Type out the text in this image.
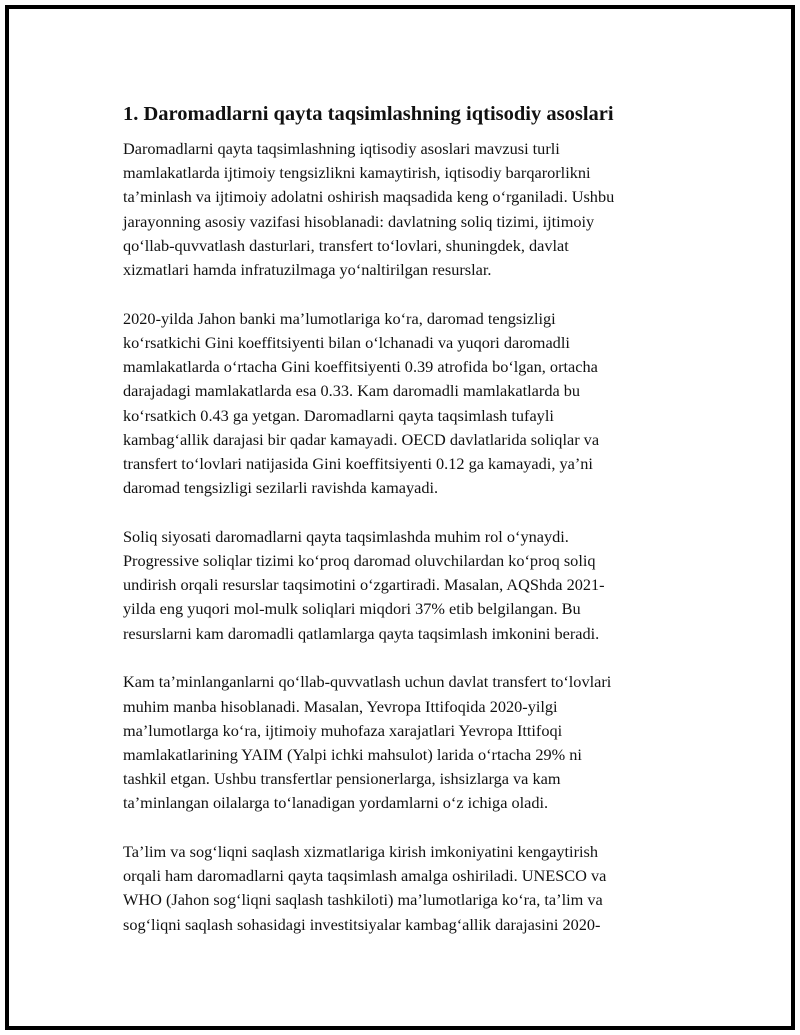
1. Daromadlarni qayta taqsimlashning iqtisodiy asoslari
Daromadlarni qayta taqsimlashning iqtisodiy asoslari mavzusi turli
mamlakatlarda ijtimoiy tengsizlikni kamaytirish, iqtisodiy barqarorlikni
ta’minlash va ijtimoiy adolatni oshirish maqsadida keng o‘rganiladi. Ushbu
jarayonning asosiy vazifasi hisoblanadi: davlatning soliq tizimi, ijtimoiy
qo‘llab-quvvatlash dasturlari, transfert to‘lovlari, shuningdek, davlat
xizmatlari hamda infratuzilmaga yo‘naltirilgan resurslar.
2020-yilda Jahon banki ma’lumotlariga ko‘ra, daromad tengsizligi
ko‘rsatkichi Gini koeffitsiyenti bilan o‘lchanadi va yuqori daromadli
mamlakatlarda o‘rtacha Gini koeffitsiyenti 0.39 atrofida bo‘lgan, ortacha
darajadagi mamlakatlarda esa 0.33. Kam daromadli mamlakatlarda bu
ko‘rsatkich 0.43 ga yetgan. Daromadlarni qayta taqsimlash tufayli
kambag‘allik darajasi bir qadar kamayadi. OECD davlatlarida soliqlar va
transfert to‘lovlari natijasida Gini koeffitsiyenti 0.12 ga kamayadi, ya’ni
daromad tengsizligi sezilarli ravishda kamayadi.
Soliq siyosati daromadlarni qayta taqsimlashda muhim rol o‘ynaydi.
Progressive soliqlar tizimi ko‘proq daromad oluvchilardan ko‘proq soliq
undirish orqali resurslar taqsimotini o‘zgartiradi. Masalan, AQShda 2021-
yilda eng yuqori mol-mulk soliqlari miqdori 37% etib belgilangan. Bu
resurslarni kam daromadli qatlamlarga qayta taqsimlash imkonini beradi.
Kam ta’minlanganlarni qo‘llab-quvvatlash uchun davlat transfert to‘lovlari
muhim manba hisoblanadi. Masalan, Yevropa Ittifoqida 2020-yilgi
ma’lumotlarga ko‘ra, ijtimoiy muhofaza xarajatlari Yevropa Ittifoqi
mamlakatlarining YAIM (Yalpi ichki mahsulot) larida o‘rtacha 29% ni
tashkil etgan. Ushbu transfertlar pensionerlarga, ishsizlarga va kam
ta’minlangan oilalarga to‘lanadigan yordamlarni o‘z ichiga oladi.
Ta’lim va sog‘liqni saqlash xizmatlariga kirish imkoniyatini kengaytirish
orqali ham daromadlarni qayta taqsimlash amalga oshiriladi. UNESCO va
WHO (Jahon sog‘liqni saqlash tashkiloti) ma’lumotlariga ko‘ra, ta’lim va
sog‘liqni saqlash sohasidagi investitsiyalar kambag‘allik darajasini 2020-
